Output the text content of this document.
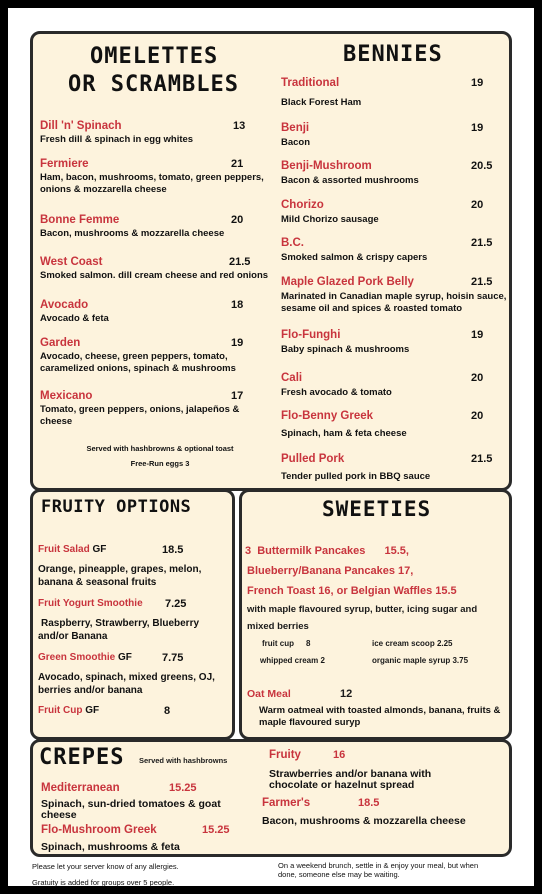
OMELETTES
OR SCRAMBLES
BENNIES
Dill 'n' Spinach	13
Fresh dill & spinach in egg whites
Fermiere	21
Ham, bacon, mushrooms, tomato, green peppers, onions & mozzarella cheese
Bonne Femme	20
Bacon, mushrooms & mozzarella cheese
West Coast	21.5
Smoked salmon. dill cream cheese and red onions
Avocado	18
Avocado & feta
Garden	19
Avocado, cheese, green peppers, tomato, caramelized onions, spinach & mushrooms
Mexicano	17
Tomato, green peppers, onions, jalapeños & cheese
Served with hashbrowns & optional toast
Free-Run eggs 3
Traditional	19
Black Forest Ham
Benji	19
Bacon
Benji-Mushroom	20.5
Bacon & assorted mushrooms
Chorizo	20
Mild Chorizo sausage
B.C.	21.5
Smoked salmon & crispy capers
Maple Glazed Pork Belly	21.5
Marinated in Canadian maple syrup, hoisin sauce, sesame oil and spices & roasted tomato
Flo-Funghi	19
Baby spinach & mushrooms
Cali	20
Fresh avocado & tomato
Flo-Benny Greek	20
Spinach, ham & feta cheese
Pulled Pork	21.5
Tender pulled pork in BBQ sauce
FRUITY OPTIONS
Fruit Salad GF	18.5
Orange, pineapple, grapes, melon, banana & seasonal fruits
Fruit Yogurt Smoothie 7.25
Raspberry, Strawberry, Blueberry and/or Banana
Green Smoothie GF	7.75
Avocado, spinach, mixed greens, OJ, berries and/or banana
Fruit Cup GF	8
SWEETIES
3 Buttermilk Pancakes 15.5,
Blueberry/Banana Pancakes 17,
French Toast 16, or Belgian Waffles 15.5
with maple flavoured syrup, butter, icing sugar and
mixed berries
fruit cup 8	ice cream scoop 2.25
whipped cream 2	organic maple syrup 3.75
Oat Meal	12
Warm oatmeal with toasted almonds, banana, fruits & maple flavoured suryp
CREPES Served with hashbrowns
Mediterranean	15.25
Spinach, sun-dried tomatoes & goat cheese
Flo-Mushroom Greek	15.25
Spinach, mushrooms & feta
Fruity	16
Strawberries and/or banana with chocolate or hazelnut spread
Farmer's	18.5
Bacon, mushrooms & mozzarella cheese
Please let your server know of any allergies.
Gratuity is added for groups over 5 people.
On a weekend brunch, settle in & enjoy your meal, but when
done, someone else may be waiting.
